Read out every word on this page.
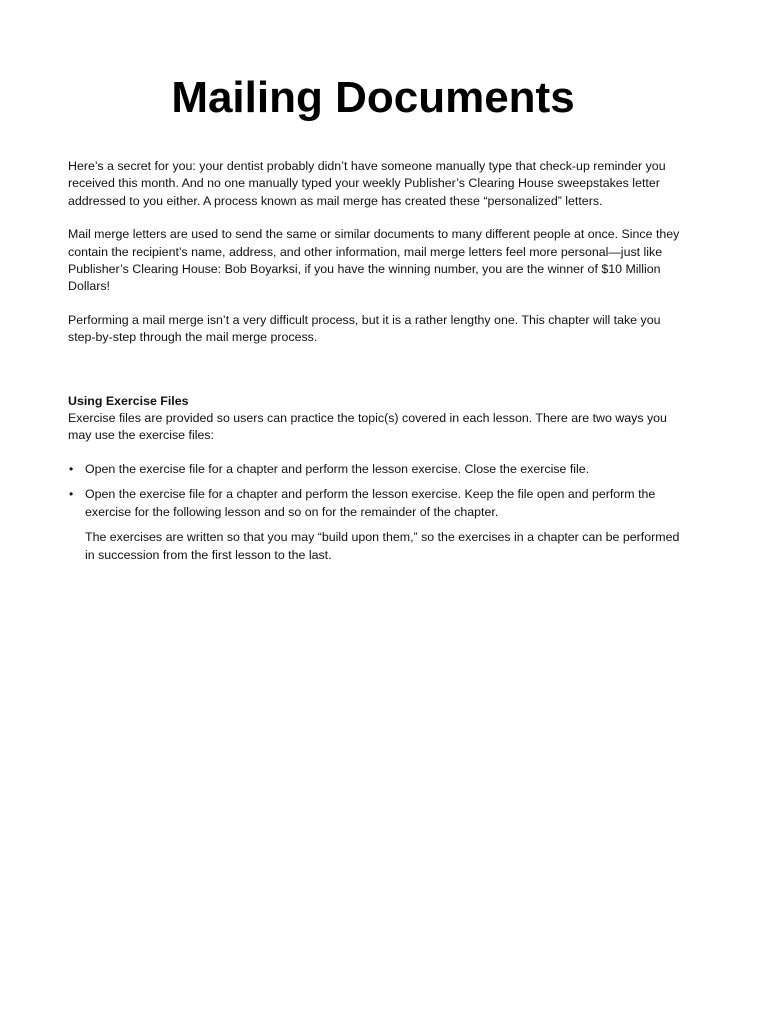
Mailing Documents

Here’s a secret for you: your dentist probably didn’t have someone manually type that check-up reminder you received this month. And no one manually typed your weekly Publisher’s Clearing House sweepstakes letter addressed to you either. A process known as mail merge has created these “personalized” letters.

Mail merge letters are used to send the same or similar documents to many different people at once. Since they contain the recipient’s name, address, and other information, mail merge letters feel more personal—just like Publisher’s Clearing House: Bob Boyarksi, if you have the winning number, you are the winner of $10 Million Dollars!

Performing a mail merge isn’t a very difficult process, but it is a rather lengthy one. This chapter will take you step-by-step through the mail merge process.

Using Exercise Files

Exercise files are provided so users can practice the topic(s) covered in each lesson. There are two ways you may use the exercise files:

• Open the exercise file for a chapter and perform the lesson exercise. Close the exercise file.
• Open the exercise file for a chapter and perform the lesson exercise. Keep the file open and perform the exercise for the following lesson and so on for the remainder of the chapter.

The exercises are written so that you may “build upon them,” so the exercises in a chapter can be performed in succession from the first lesson to the last.
